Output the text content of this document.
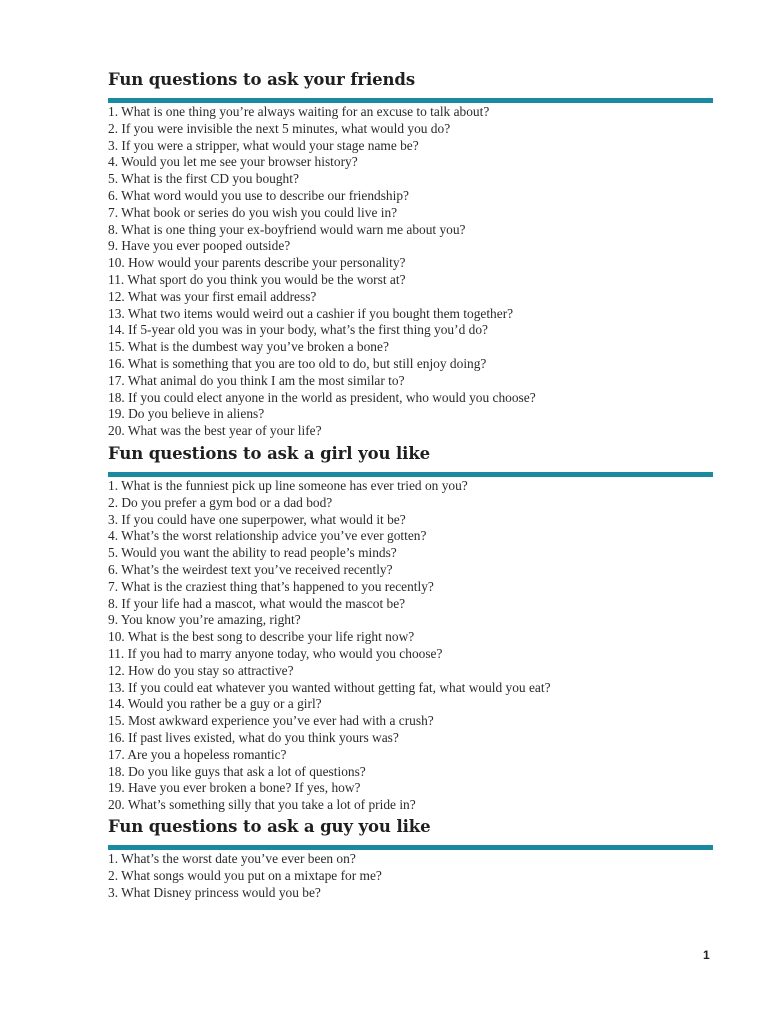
Fun questions to ask your friends
1. What is one thing you’re always waiting for an excuse to talk about?
2. If you were invisible the next 5 minutes, what would you do?
3. If you were a stripper, what would your stage name be?
4. Would you let me see your browser history?
5. What is the first CD you bought?
6. What word would you use to describe our friendship?
7. What book or series do you wish you could live in?
8. What is one thing your ex-boyfriend would warn me about you?
9. Have you ever pooped outside?
10. How would your parents describe your personality?
11. What sport do you think you would be the worst at?
12. What was your first email address?
13. What two items would weird out a cashier if you bought them together?
14. If 5-year old you was in your body, what’s the first thing you’d do?
15. What is the dumbest way you’ve broken a bone?
16. What is something that you are too old to do, but still enjoy doing?
17. What animal do you think I am the most similar to?
18. If you could elect anyone in the world as president, who would you choose?
19. Do you believe in aliens?
20. What was the best year of your life?
Fun questions to ask a girl you like
1. What is the funniest pick up line someone has ever tried on you?
2. Do you prefer a gym bod or a dad bod?
3. If you could have one superpower, what would it be?
4. What’s the worst relationship advice you’ve ever gotten?
5. Would you want the ability to read people’s minds?
6. What’s the weirdest text you’ve received recently?
7. What is the craziest thing that’s happened to you recently?
8. If your life had a mascot, what would the mascot be?
9. You know you’re amazing, right?
10. What is the best song to describe your life right now?
11. If you had to marry anyone today, who would you choose?
12. How do you stay so attractive?
13. If you could eat whatever you wanted without getting fat, what would you eat?
14. Would you rather be a guy or a girl?
15. Most awkward experience you’ve ever had with a crush?
16. If past lives existed, what do you think yours was?
17. Are you a hopeless romantic?
18. Do you like guys that ask a lot of questions?
19. Have you ever broken a bone? If yes, how?
20. What’s something silly that you take a lot of pride in?
Fun questions to ask a guy you like
1. What’s the worst date you’ve ever been on?
2. What songs would you put on a mixtape for me?
3. What Disney princess would you be?
1
